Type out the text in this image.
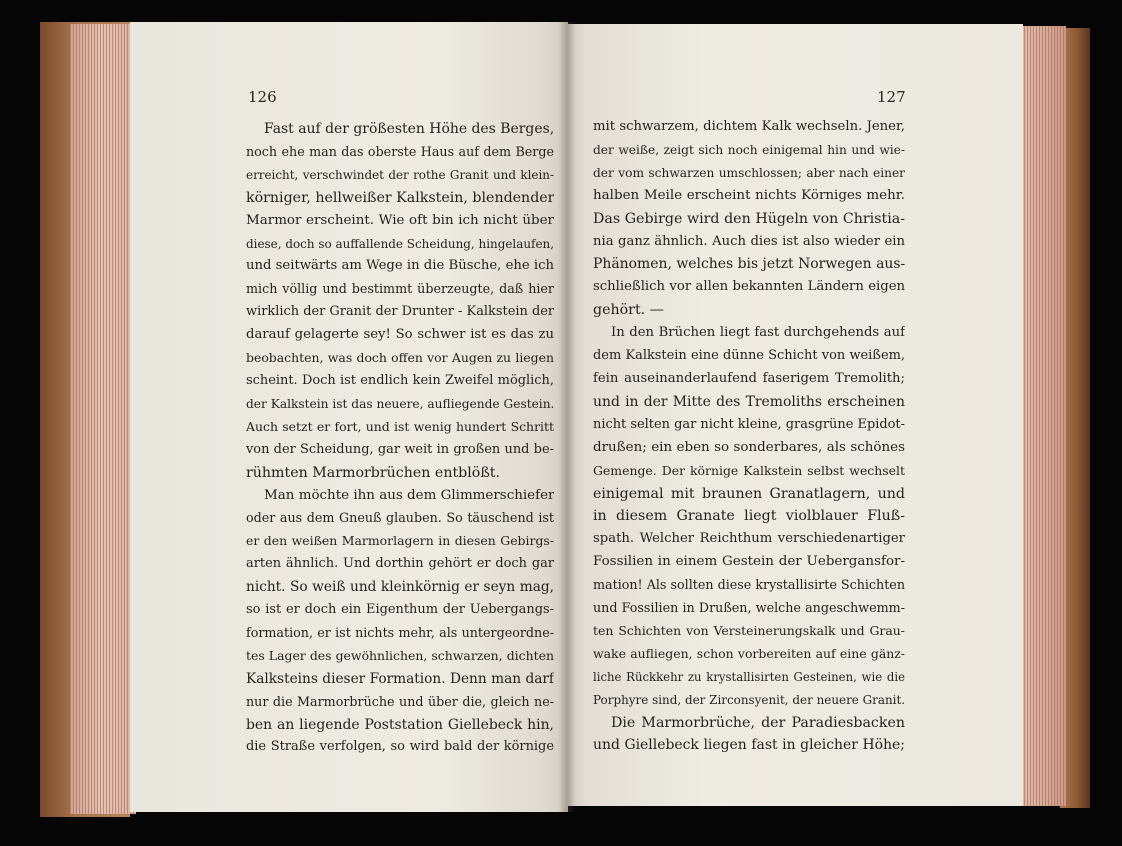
126	127

Fast auf der größesten Höhe des Berges,
noch ehe man das oberste Haus auf dem Berge
erreicht, verschwindet der rothe Granit und klein-
körniger, hellweißer Kalkstein, blendender
Marmor erscheint. Wie oft bin ich nicht über
diese, doch so auffallende Scheidung, hingelaufen,
und seitwärts am Wege in die Büsche, ehe ich
mich völlig und bestimmt überzeugte, daß hier
wirklich der Granit der Drunter - Kalkstein der
darauf gelagerte sey! So schwer ist es das zu
beobachten, was doch offen vor Augen zu liegen
scheint. Doch ist endlich kein Zweifel möglich,
der Kalkstein ist das neuere, aufliegende Gestein.
Auch setzt er fort, und ist wenig hundert Schritt
von der Scheidung, gar weit in großen und be-
rühmten Marmorbrüchen entblößt.
Man möchte ihn aus dem Glimmerschiefer
oder aus dem Gneuß glauben. So täuschend ist
er den weißen Marmorlagern in diesen Gebirgs-
arten ähnlich. Und dorthin gehört er doch gar
nicht. So weiß und kleinkörnig er seyn mag,
so ist er doch ein Eigenthum der Uebergangs-
formation, er ist nichts mehr, als untergeordne-
tes Lager des gewöhnlichen, schwarzen, dichten
Kalksteins dieser Formation. Denn man darf
nur die Marmorbrüche und über die, gleich ne-
ben an liegende Poststation Giellebeck hin,
die Straße verfolgen, so wird bald der körnige
mit schwarzem, dichtem Kalk wechseln. Jener,
der weiße, zeigt sich noch einigemal hin und wie-
der vom schwarzen umschlossen; aber nach einer
halben Meile erscheint nichts Körniges mehr.
Das Gebirge wird den Hügeln von Christia-
nia ganz ähnlich. Auch dies ist also wieder ein
Phänomen, welches bis jetzt Norwegen aus-
schließlich vor allen bekannten Ländern eigen
gehört. —
In den Brüchen liegt fast durchgehends auf
dem Kalkstein eine dünne Schicht von weißem,
fein auseinanderlaufend faserigem Tremolith;
und in der Mitte des Tremoliths erscheinen
nicht selten gar nicht kleine, grasgrüne Epidot-
drußen; ein eben so sonderbares, als schönes
Gemenge. Der körnige Kalkstein selbst wechselt
einigemal mit braunen Granatlagern, und
in diesem Granate liegt violblauer Fluß-
spath. Welcher Reichthum verschiedenartiger
Fossilien in einem Gestein der Uebergansfor-
mation! Als sollten diese krystallisirte Schichten
und Fossilien in Drußen, welche angeschwemm-
ten Schichten von Versteinerungskalk und Grau-
wake aufliegen, schon vorbereiten auf eine gänz-
liche Rückkehr zu krystallisirten Gesteinen, wie die
Porphyre sind, der Zirconsyenit, der neuere Granit.
Die Marmorbrüche, der Paradiesbacken
und Giellebeck liegen fast in gleicher Höhe;
